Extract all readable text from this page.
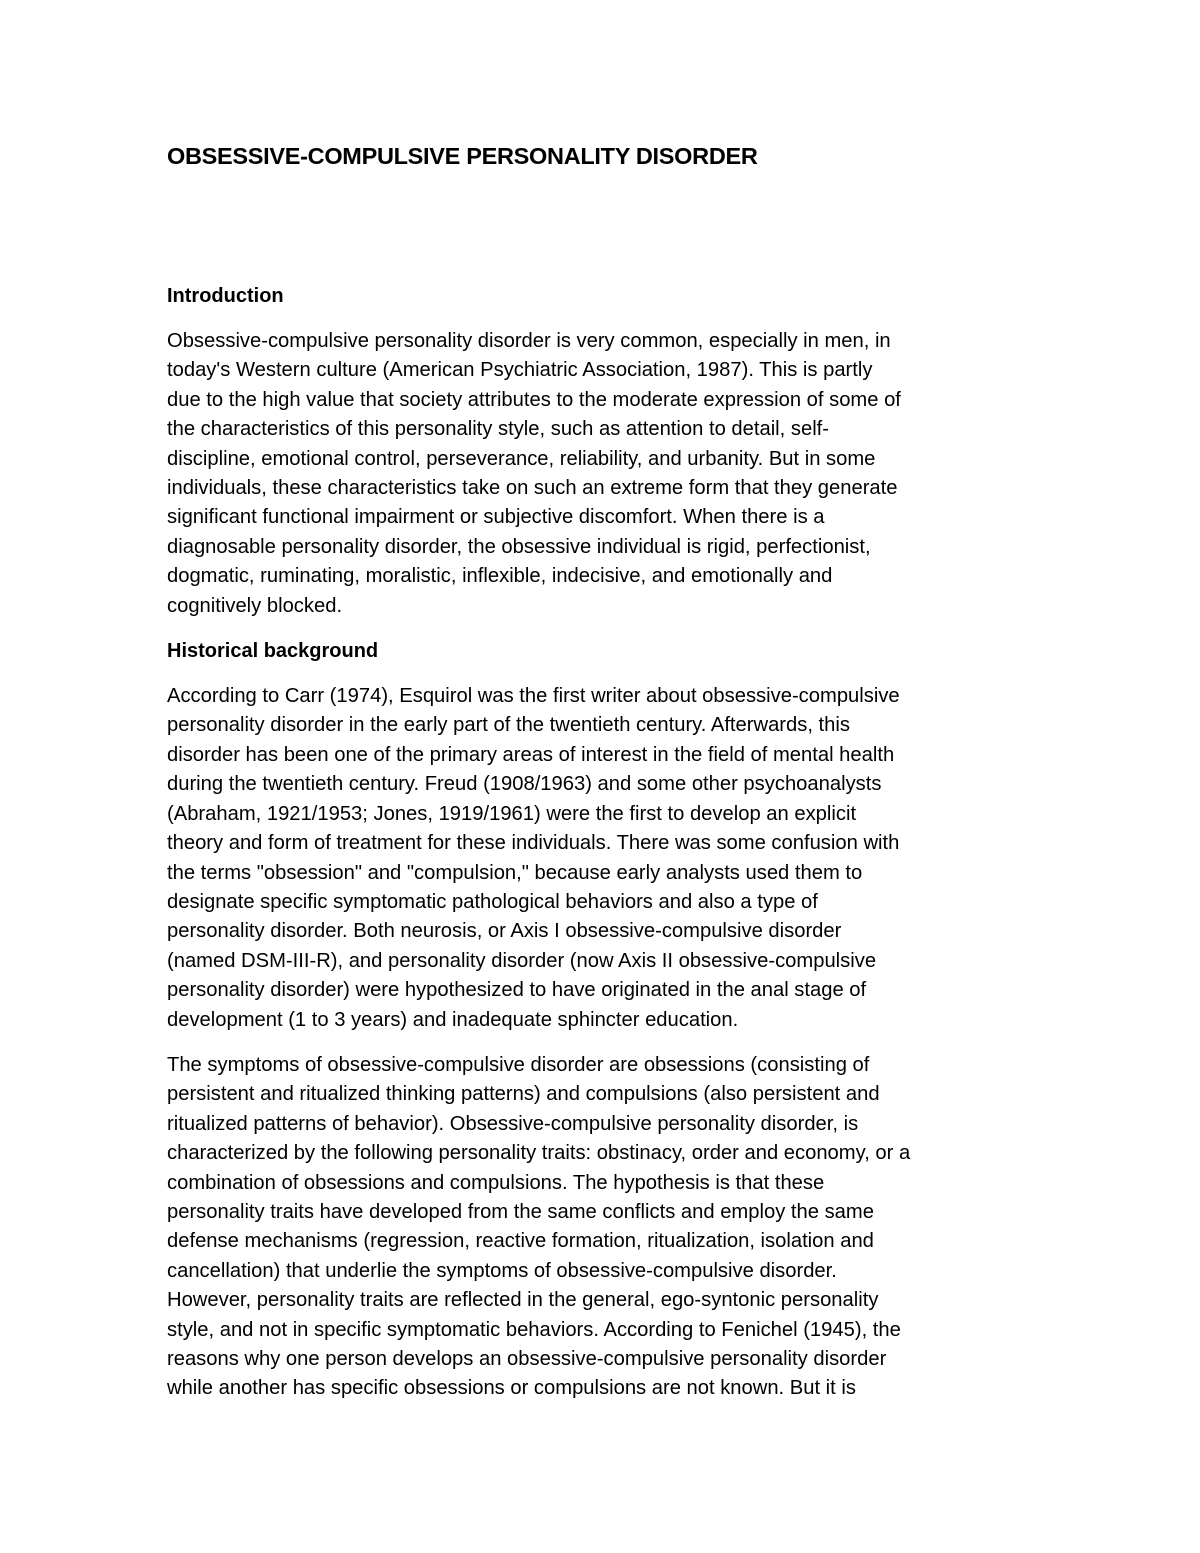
OBSESSIVE-COMPULSIVE PERSONALITY DISORDER
Introduction

Obsessive-compulsive personality disorder is very common, especially in men, in
today's Western culture (American Psychiatric Association, 1987). This is partly
due to the high value that society attributes to the moderate expression of some of
the characteristics of this personality style, such as attention to detail, self-
discipline, emotional control, perseverance, reliability, and urbanity. But in some
individuals, these characteristics take on such an extreme form that they generate
significant functional impairment or subjective discomfort. When there is a
diagnosable personality disorder, the obsessive individual is rigid, perfectionist,
dogmatic, ruminating, moralistic, inflexible, indecisive, and emotionally and
cognitively blocked.

Historical background

According to Carr (1974), Esquirol was the first writer about obsessive-compulsive
personality disorder in the early part of the twentieth century. Afterwards, this
disorder has been one of the primary areas of interest in the field of mental health
during the twentieth century. Freud (1908/1963) and some other psychoanalysts
(Abraham, 1921/1953; Jones, 1919/1961) were the first to develop an explicit
theory and form of treatment for these individuals. There was some confusion with
the terms "obsession" and "compulsion," because early analysts used them to
designate specific symptomatic pathological behaviors and also a type of
personality disorder. Both neurosis, or Axis I obsessive-compulsive disorder
(named DSM-III-R), and personality disorder (now Axis II obsessive-compulsive
personality disorder) were hypothesized to have originated in the anal stage of
development (1 to 3 years) and inadequate sphincter education.

The symptoms of obsessive-compulsive disorder are obsessions (consisting of
persistent and ritualized thinking patterns) and compulsions (also persistent and
ritualized patterns of behavior). Obsessive-compulsive personality disorder, is
characterized by the following personality traits: obstinacy, order and economy, or a
combination of obsessions and compulsions. The hypothesis is that these
personality traits have developed from the same conflicts and employ the same
defense mechanisms (regression, reactive formation, ritualization, isolation and
cancellation) that underlie the symptoms of obsessive-compulsive disorder.
However, personality traits are reflected in the general, ego-syntonic personality
style, and not in specific symptomatic behaviors. According to Fenichel (1945), the
reasons why one person develops an obsessive-compulsive personality disorder
while another has specific obsessions or compulsions are not known. But it is
